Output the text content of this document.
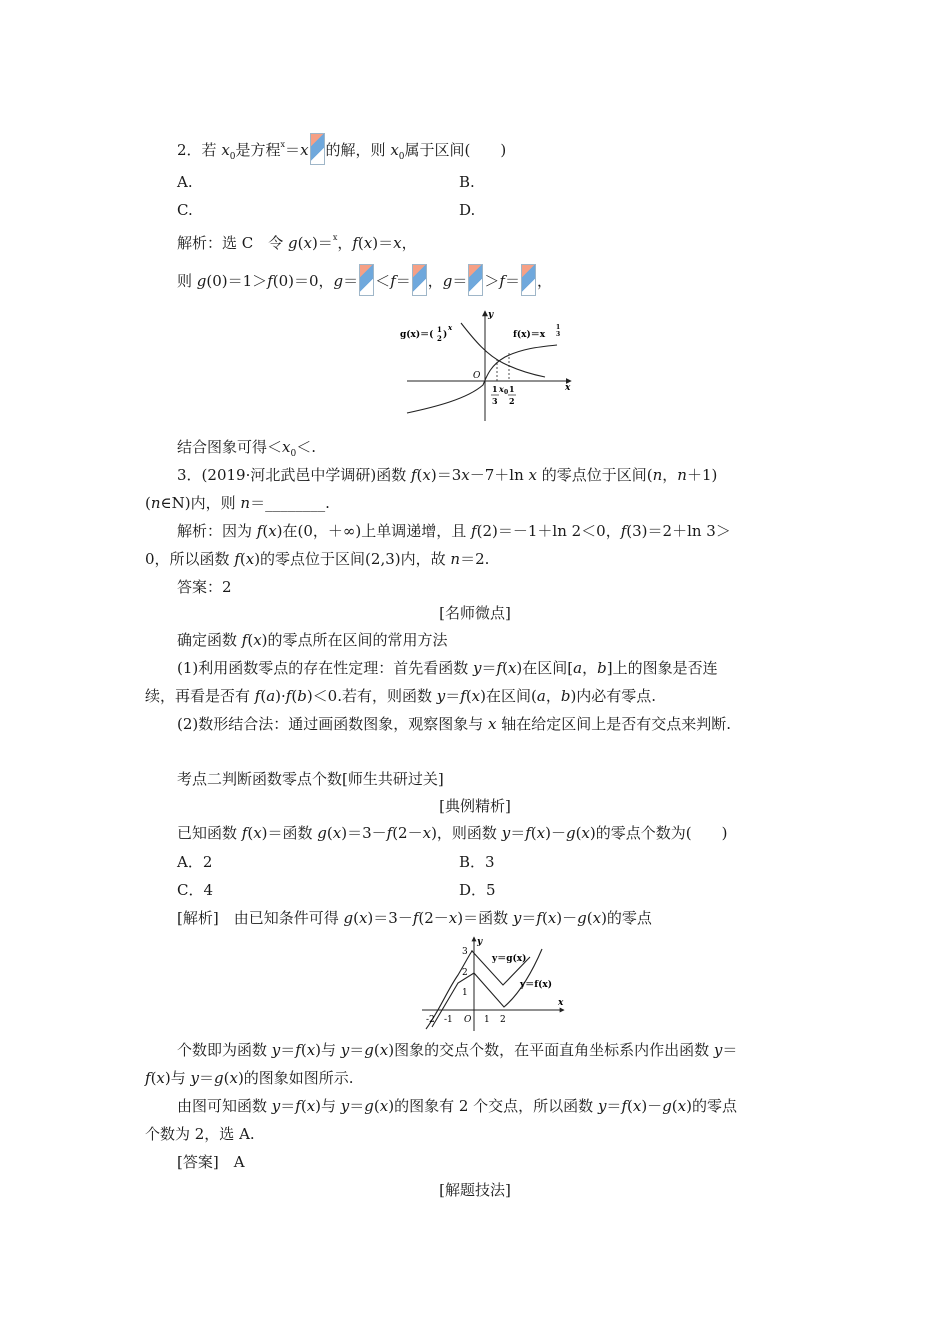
2．若 $x_0$是方程$^x$＝x 的解，则 $x_0$属于区间(　　)
A.	B.
C.	D.
解析：选 C　令 g(x)＝$^x$，f(x)＝x，
则 g(0)＝1＞f(0)＝0，g＝ ＜f＝ ，g＝ ＞f＝ ，
g(x)＝(
1
2 )
x
f(x)＝x
1
3
y
x
O
1
3
x 0 1
2
结合图象可得$<x_0<$.
3．(2019·河北武邑中学调研)函数 f(x)＝3x－7＋ln x 的零点位于区间(n，n＋1)
(n∈N)内，则 n＝________.
解析：因为 f(x)在(0，＋∞)上单调递增，且 f(2)＝－1＋ln 2＜0，f(3)＝2＋ln 3＞
0，所以函数 f(x)的零点位于区间(2,3)内，故 n＝2.
答案：2
[名师微点]
确定函数 f(x)的零点所在区间的常用方法
(1)利用函数零点的存在性定理：首先看函数 y＝f(x)在区间[a，b]上的图象是否连
续，再看是否有 f(a)·f(b)＜0.若有，则函数 y＝f(x)在区间(a，b)内必有零点.
(2)数形结合法：通过画函数图象，观察图象与 x 轴在给定区间上是否有交点来判断.
考点二判断函数零点个数[师生共研过关]
[典例精析]
已知函数 f(x)＝函数 g(x)＝3－f(2－x)，则函数 y＝f(x)－g(x)的零点个数为(　　)
A．2	B．3
C．4	D．5
[解析]　由已知条件可得 g(x)＝3－f(2－x)＝函数 y＝f(x)－g(x)的零点
y
x
y＝g(x)
y＝f(x)
3
2
1
-2 -1 O 1 2
个数即为函数 y＝f(x)与 y＝g(x)图象的交点个数，在平面直角坐标系内作出函数 y＝
f(x)与 y＝g(x)的图象如图所示.
由图可知函数 y＝f(x)与 y＝g(x)的图象有 2 个交点，所以函数 y＝f(x)－g(x)的零点
个数为 2，选 A.
[答案]　A
[解题技法]
